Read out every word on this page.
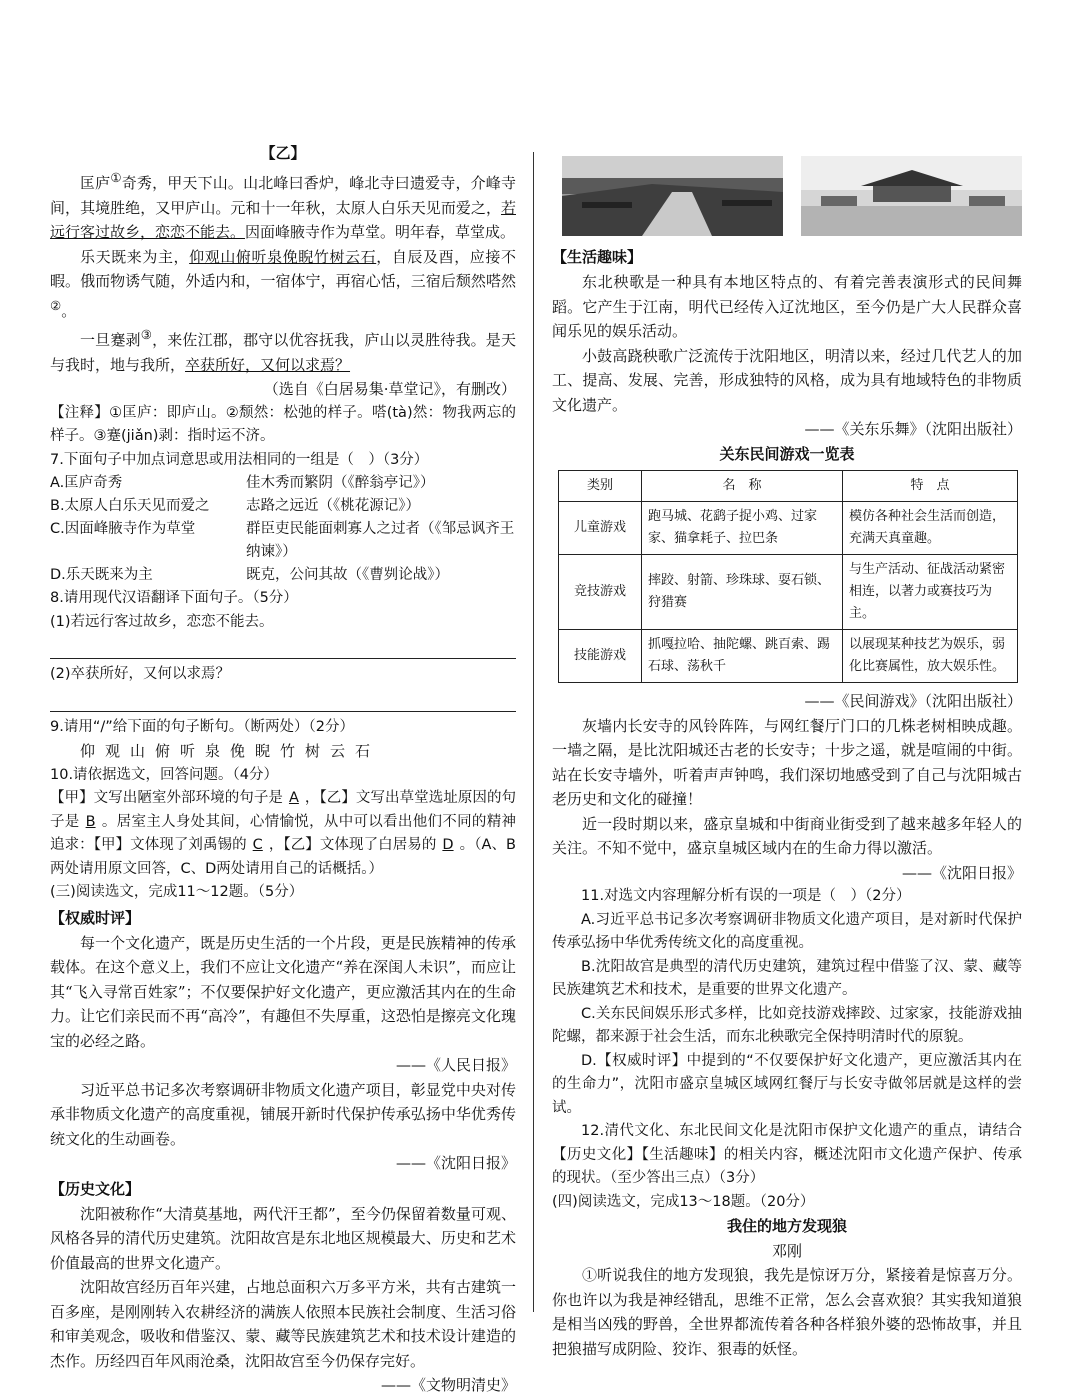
【乙】

匡庐①奇秀，甲天下山。山北峰曰香炉，峰北寺曰遗爱寺，介峰寺间，其境胜绝，又甲庐山。元和十一年秋，太原人白乐天见而爱之，若远行客过故乡，恋恋不能去。因面峰腋寺作为草堂。明年春，草堂成。

乐天既来为主，仰观山俯听泉俛睨竹树云石，自辰及酉，应接不暇。俄而物诱气随，外适内和，一宿体宁，再宿心恬，三宿后颓然嗒然②。

一旦蹇剥③，来佐江郡，郡守以优容抚我，庐山以灵胜待我。是天与我时，地与我所，卒获所好，又何以求焉？

（选自《白居易集·草堂记》，有删改）

【注释】①匡庐：即庐山。②颓然：松弛的样子。嗒(tà)然：物我两忘的样子。③蹇(jiǎn)剥：指时运不济。

7.下面句子中加点词意思或用法相同的一组是（　）（3分）

A.匡庐奇秀	佳木秀而繁阴（《醉翁亭记》）
B.太原人白乐天见而爱之	志路之远近（《桃花源记》）
C.因面峰腋寺作为草堂	群臣吏民能面刺寡人之过者（《邹忌讽齐王纳谏》）
D.乐天既来为主	既克，公问其故（《曹刿论战》）

8.请用现代汉语翻译下面句子。（5分）

(1)若远行客过故乡，恋恋不能去。

(2)卒获所好，又何以求焉？

9.请用“/”给下面的句子断句。（断两处）（2分）

仰观山俯听泉俛睨竹树云石

10.请依据选文，回答问题。（4分）

【甲】文写出陋室外部环境的句子是 A ，【乙】文写出草堂选址原因的句子是 B 。居室主人身处其间，心情愉悦，从中可以看出他们不同的精神追求：【甲】文体现了刘禹锡的 C ，【乙】文体现了白居易的 D 。（A、B两处请用原文回答，C、D两处请用自己的话概括。）

(三)阅读选文，完成11～12题。（5分）

【权威时评】

每一个文化遗产，既是历史生活的一个片段，更是民族精神的传承载体。在这个意义上，我们不应让文化遗产“养在深闺人未识”，而应让其“飞入寻常百姓家”；不仅要保护好文化遗产，更应激活其内在的生命力。让它们亲民而不再“高冷”，有趣但不失厚重，这恐怕是擦亮文化瑰宝的必经之路。

——《人民日报》

习近平总书记多次考察调研非物质文化遗产项目，彰显党中央对传承非物质文化遗产的高度重视，铺展开新时代保护传承弘扬中华优秀传统文化的生动画卷。

——《沈阳日报》

【历史文化】

沈阳被称作“大清莫基地，两代汗王都”，至今仍保留着数量可观、风格各异的清代历史建筑。沈阳故宫是东北地区规模最大、历史和艺术价值最高的世界文化遗产。

沈阳故宫经历百年兴建，占地总面积六万多平方米，共有古建筑一百多座，是刚刚转入农耕经济的满族人依照本民族社会制度、生活习俗和审美观念，吸收和借鉴汉、蒙、藏等民族建筑艺术和技术设计建造的杰作。历经四百年风雨沧桑，沈阳故宫至今仍保存完好。

——《文物明清史》

【生活趣味】

东北秧歌是一种具有本地区特点的、有着完善表演形式的民间舞蹈。它产生于江南，明代已经传入辽沈地区，至今仍是广大人民群众喜闻乐见的娱乐活动。

小鼓高跷秧歌广泛流传于沈阳地区，明清以来，经过几代艺人的加工、提高、发展、完善，形成独特的风格，成为具有地域特色的非物质文化遗产。

——《关东乐舞》（沈阳出版社）

关东民间游戏一览表

类别	名　称	特　点
儿童游戏	跑马城、花鹞子捉小鸡、过家家、猫拿耗子、拉巴条	模仿各种社会生活而创造，充满天真童趣。
竞技游戏	摔跤、射箭、珍珠球、耍石锁、狩猎赛	与生产活动、征战活动紧密相连，以著力或赛技巧为主。
技能游戏	抓嘎拉哈、抽陀螺、跳百索、踢石球、荡秋千	以展现某种技艺为娱乐，弱化比赛属性，放大娱乐性。

——《民间游戏》（沈阳出版社）

灰墙内长安寺的风铃阵阵，与网红餐厅门口的几株老树相映成趣。一墙之隔，是比沈阳城还古老的长安寺；十步之遥，就是喧闹的中街。站在长安寺墙外，听着声声钟鸣，我们深切地感受到了自己与沈阳城古老历史和文化的碰撞！

近一段时期以来，盛京皇城和中街商业街受到了越来越多年轻人的关注。不知不觉中，盛京皇城区域内在的生命力得以激活。

——《沈阳日报》

11.对选文内容理解分析有误的一项是（　）（2分）

A.习近平总书记多次考察调研非物质文化遗产项目，是对新时代保护传承弘扬中华优秀传统文化的高度重视。

B.沈阳故宫是典型的清代历史建筑，建筑过程中借鉴了汉、蒙、藏等民族建筑艺术和技术，是重要的世界文化遗产。

C.关东民间娱乐形式多样，比如竞技游戏摔跤、过家家，技能游戏抽陀螺，都来源于社会生活，而东北秧歌完全保持明清时代的原貌。

D.【权威时评】中提到的“不仅要保护好文化遗产，更应激活其内在的生命力”，沈阳市盛京皇城区域网红餐厅与长安寺做邻居就是这样的尝试。

12.清代文化、东北民间文化是沈阳市保护文化遗产的重点，请结合【历史文化】【生活趣味】的相关内容，概述沈阳市文化遗产保护、传承的现状。（至少答出三点）（3分）

(四)阅读选文，完成13～18题。（20分）

我住的地方发现狼

邓刚

①听说我住的地方发现狼，我先是惊讶万分，紧接着是惊喜万分。你也许以为我是神经错乱，思维不正常，怎么会喜欢狼？其实我知道狼是相当凶残的野兽，全世界都流传着各种各样狼外婆的恐怖故事，并且把狼描写成阴险、狡诈、狠毒的妖怪。
